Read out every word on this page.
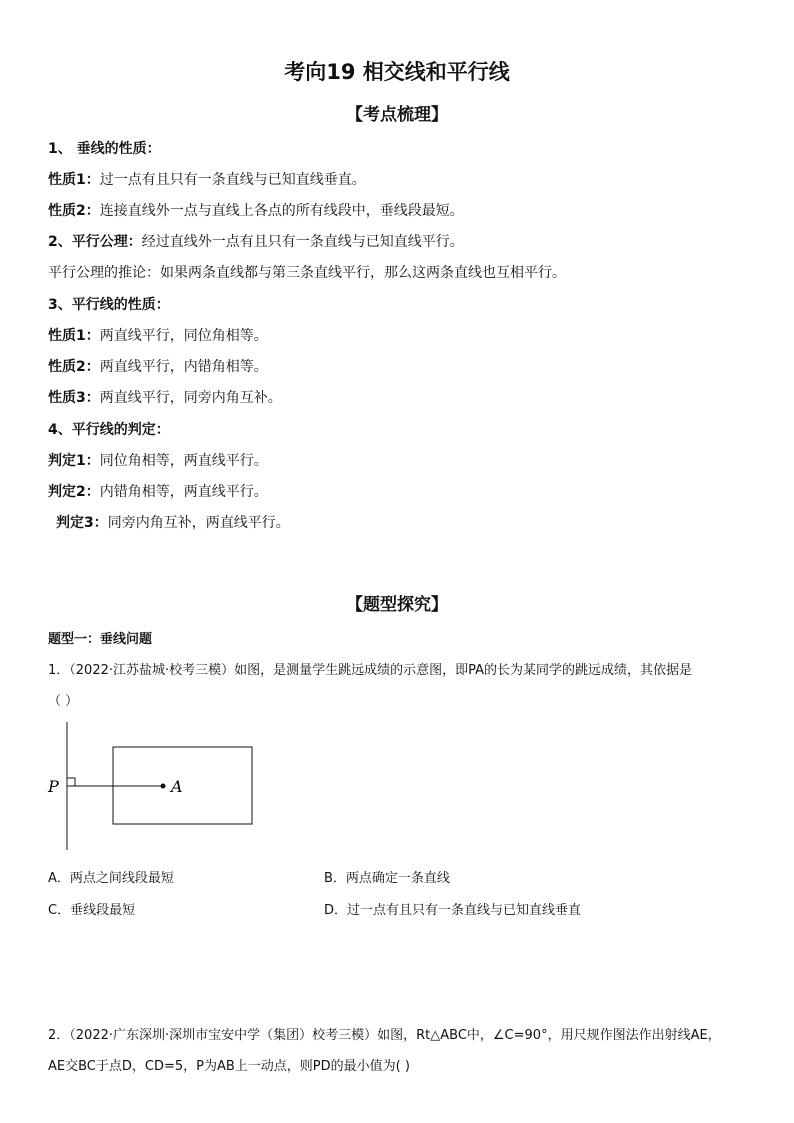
考向19 相交线和平行线
【考点梳理】
1、 垂线的性质：
性质1：过一点有且只有一条直线与已知直线垂直。
性质2：连接直线外一点与直线上各点的所有线段中，垂线段最短。
2、平行公理：经过直线外一点有且只有一条直线与已知直线平行。
平行公理的推论：如果两条直线都与第三条直线平行，那么这两条直线也互相平行。
3、平行线的性质：
性质1：两直线平行，同位角相等。
性质2：两直线平行，内错角相等。
性质3：两直线平行，同旁内角互补。
4、平行线的判定：
判定1：同位角相等，两直线平行。
判定2：内错角相等，两直线平行。
判定3：同旁内角互补，两直线平行。
【题型探究】
题型一：垂线问题
1．（2022·江苏盐城·校考三模）如图，是测量学生跳远成绩的示意图，即PA的长为某同学的跳远成绩，其依据是
（ ）
P	A
A．两点之间线段最短	B．两点确定一条直线
C．垂线段最短	D．过一点有且只有一条直线与已知直线垂直
2．（2022·广东深圳·深圳市宝安中学（集团）校考三模）如图，Rt△ABC中，∠C=90°，用尺规作图法作出射线AE，
AE交BC于点D，CD=5，P为AB上一动点，则PD的最小值为( )
